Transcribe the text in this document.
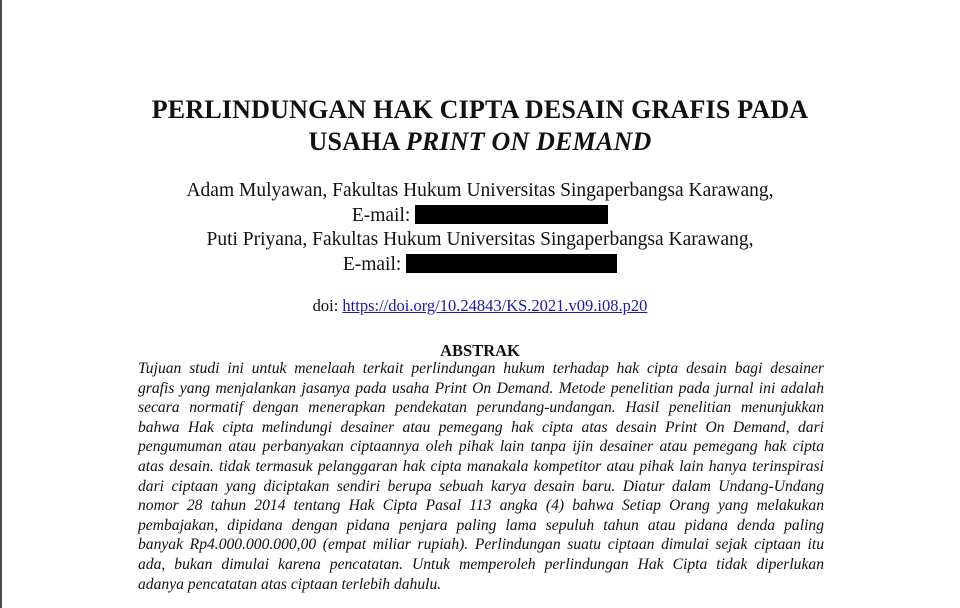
PERLINDUNGAN HAK CIPTA DESAIN GRAFIS PADA
USAHA PRINT ON DEMAND
Adam Mulyawan, Fakultas Hukum Universitas Singaperbangsa Karawang,
E-mail:
Puti Priyana, Fakultas Hukum Universitas Singaperbangsa Karawang,
E-mail:
doi: https://doi.org/10.24843/KS.2021.v09.i08.p20
ABSTRAK
Tujuan studi ini untuk menelaah terkait perlindungan hukum terhadap hak cipta desain bagi desainer
grafis yang menjalankan jasanya pada usaha Print On Demand. Metode penelitian pada jurnal ini adalah
secara normatif dengan menerapkan pendekatan perundang-undangan. Hasil penelitian menunjukkan
bahwa Hak cipta melindungi desainer atau pemegang hak cipta atas desain Print On Demand, dari
pengumuman atau perbanyakan ciptaannya oleh pihak lain tanpa ijin desainer atau pemegang hak cipta
atas desain. tidak termasuk pelanggaran hak cipta manakala kompetitor atau pihak lain hanya terinspirasi
dari ciptaan yang diciptakan sendiri berupa sebuah karya desain baru. Diatur dalam Undang-Undang
nomor 28 tahun 2014 tentang Hak Cipta Pasal 113 angka (4) bahwa Setiap Orang yang melakukan
pembajakan, dipidana dengan pidana penjara paling lama sepuluh tahun atau pidana denda paling
banyak Rp4.000.000.000,00 (empat miliar rupiah). Perlindungan suatu ciptaan dimulai sejak ciptaan itu
ada, bukan dimulai karena pencatatan. Untuk memperoleh perlindungan Hak Cipta tidak diperlukan
adanya pencatatan atas ciptaan terlebih dahulu.
